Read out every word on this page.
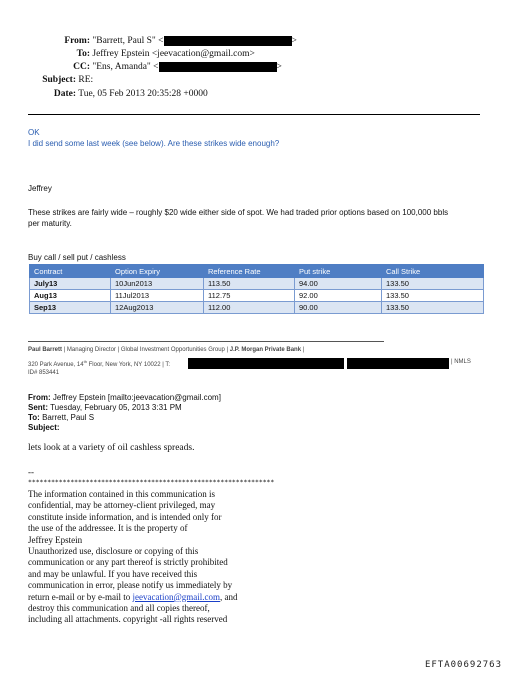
From: "Barrett, Paul S" <	>
To: Jeffrey Epstein <jeevacation@gmail.com>
CC: "Ens, Amanda" <	>
Subject: RE:
Date: Tue, 05 Feb 2013 20:35:28 +0000
OK
I did send some last week (see below). Are these strikes wide enough?
Jeffrey
These strikes are fairly wide – roughly $20 wide either side of spot. We had traded prior options based on 100,000 bbls
per maturity.
Buy call / sell put / cashless
Contract	Option Expiry	Reference Rate	Put strike	Call Strike
July13	10Jun2013	113.50	94.00	133.50
Aug13	11Jul2013	112.75	92.00	133.50
Sep13	12Aug2013	112.00	90.00	133.50
Paul Barrett | Managing Director | Global Investment Opportunities Group | J.P. Morgan Private Bank |
320 Park Avenue, 14th Floor, New York, NY 10022 | T:	| NMLS
ID# 853441
From: Jeffrey Epstein [mailto:jeevacation@gmail.com]
Sent: Tuesday, February 05, 2013 3:31 PM
To: Barrett, Paul S
Subject:
lets look at a variety of oil cashless spreads.
--
****************************************************************
The information contained in this communication is
confidential, may be attorney-client privileged, may
constitute inside information, and is intended only for
the use of the addressee. It is the property of
Jeffrey Epstein
Unauthorized use, disclosure or copying of this
communication or any part thereof is strictly prohibited
and may be unlawful. If you have received this
communication in error, please notify us immediately by
return e-mail or by e-mail to jeevacation@gmail.com, and
destroy this communication and all copies thereof,
including all attachments. copyright -all rights reserved
EFTA00692763
